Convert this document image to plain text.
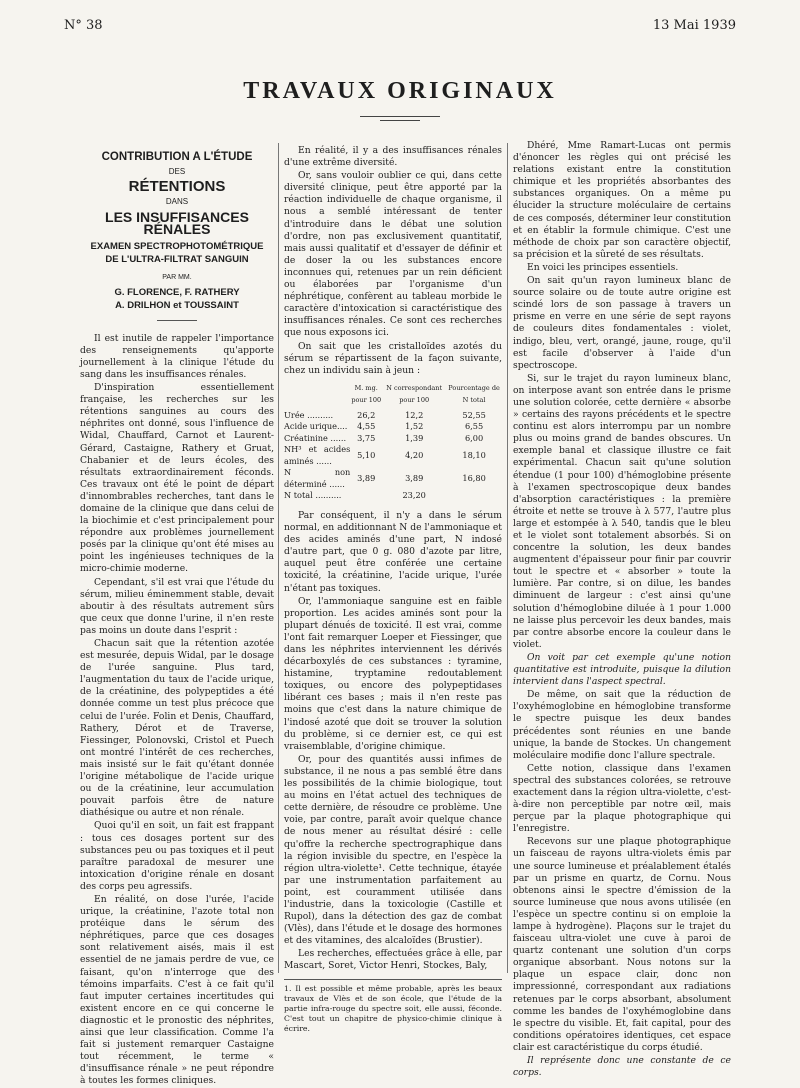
N° 38	13 Mai 1939
TRAVAUX ORIGINAUX
CONTRIBUTION A L'ÉTUDE
DES
RÉTENTIONS
DANS
LES INSUFFISANCES RÉNALES
EXAMEN SPECTROPHOTOMÉTRIQUE
DE L'ULTRA-FILTRAT SANGUIN
PAR MM.
G. FLORENCE, F. RATHERY
A. DRILHON et TOUSSAINT

Il est inutile de rappeler l'importance des renseignements qu'apporte journellement à la clinique l'étude du sang dans les insuffisances rénales.

D'inspiration essentiellement française, les recherches sur les rétentions sanguines au cours des néphrites ont donné, sous l'influence de Widal, Chauffard, Carnot et Laurent-Gérard, Castaigne, Rathery et Gruat, Chabanier et de leurs écoles, des résultats extraordinairement féconds. Ces travaux ont été le point de départ d'innombrables recherches, tant dans le domaine de la clinique que dans celui de la biochimie et c'est principalement pour répondre aux problèmes journellement posés par la clinique qu'ont été mises au point les ingénieuses techniques de la micro-chimie moderne.

Cependant, s'il est vrai que l'étude du sérum, milieu éminemment stable, devait aboutir à des résultats autrement sûrs que ceux que donne l'urine, il n'en reste pas moins un doute dans l'esprit :

Chacun sait que la rétention azotée est mesurée, depuis Widal, par le dosage de l'urée sanguine. Plus tard, l'augmentation du taux de l'acide urique, de la créatinine, des polypeptides a été donnée comme un test plus précoce que celui de l'urée. Folin et Denis, Chauffard, Rathery, Dérot et de Traverse, Fiessinger, Polonovski, Cristol et Puech ont montré l'intérêt de ces recherches, mais insisté sur le fait qu'étant donnée l'origine métabolique de l'acide urique ou de la créatinine, leur accumulation pouvait parfois être de nature diathésique ou autre et non rénale.

Quoi qu'il en soit, un fait est frappant : tous ces dosages portent sur des substances peu ou pas toxiques et il peut paraître paradoxal de mesurer une intoxication d'origine rénale en dosant des corps peu agressifs.

En réalité, on dose l'urée, l'acide urique, la créatinine, l'azote total non protéique dans le sérum des néphrétiques, parce que ces dosages sont relativement aisés, mais il est essentiel de ne jamais perdre de vue, ce faisant, qu'on n'interroge que des témoins imparfaits. C'est à ce fait qu'il faut imputer certaines incertitudes qui existent encore en ce qui concerne le diagnostic et le pronostic des néphrites, ainsi que leur classification. Comme l'a fait si justement remarquer Castaigne tout récemment, le terme « d'insuffisance rénale » ne peut répondre à toutes les formes cliniques.

En réalité, il y a des insuffisances rénales d'une extrême diversité.

Or, sans vouloir oublier ce qui, dans cette diversité clinique, peut être apporté par la réaction individuelle de chaque organisme, il nous a semblé intéressant de tenter d'introduire dans le débat une solution d'ordre, non pas exclusivement quantitatif, mais aussi qualitatif et d'essayer de définir et de doser la ou les substances encore inconnues qui, retenues par un rein déficient ou élaborées par l'organisme d'un néphrétique, confèrent au tableau morbide le caractère d'intoxication si caractéristique des insuffisances rénales. Ce sont ces recherches que nous exposons ici.

On sait que les cristalloïdes azotés du sérum se répartissent de la façon suivante, chez un individu sain à jeun :

	M. mg. pour 100	N correspondant pour 100	Pourcentage de N total
Urée ..........	26,2	12,2	52,55
Acide urique....	4,55	1,52	6,55
Créatinine ......	3,75	1,39	6,00
NH³ et acides aminés ......	5,10	4,20	18,10
N non déterminé ......	3,89	3,89	16,80
N total ..........		23,20	

Par conséquent, il n'y a dans le sérum normal, en additionnant N de l'ammoniaque et des acides aminés d'une part, N indosé d'autre part, que 0 g. 080 d'azote par litre, auquel peut être conférée une certaine toxicité, la créatinine, l'acide urique, l'urée n'étant pas toxiques.

Or, l'ammoniaque sanguine est en faible proportion. Les acides aminés sont pour la plupart dénués de toxicité. Il est vrai, comme l'ont fait remarquer Loeper et Fiessinger, que dans les néphrites interviennent les dérivés décarboxylés de ces substances : tyramine, histamine, tryptamine redoutablement toxiques, ou encore des polypeptidases libérant ces bases ; mais il n'en reste pas moins que c'est dans la nature chimique de l'indosé azoté que doit se trouver la solution du problème, si ce dernier est, ce qui est vraisemblable, d'origine chimique.

Or, pour des quantités aussi infimes de substance, il ne nous a pas semblé être dans les possibilités de la chimie biologique, tout au moins en l'état actuel des techniques de cette dernière, de résoudre ce problème. Une voie, par contre, paraît avoir quelque chance de nous mener au résultat désiré : celle qu'offre la recherche spectrographique dans la région invisible du spectre, en l'espèce la région ultra-violette¹. Cette technique, étayée par une instrumentation parfaitement au point, est couramment utilisée dans l'industrie, dans la toxicologie (Castille et Rupol), dans la détection des gaz de combat (Vlès), dans l'étude et le dosage des hormones et des vitamines, des alcaloïdes (Brustier).

Les recherches, effectuées grâce à elle, par Mascart, Soret, Victor Henri, Stockes, Baly,

1. Il est possible et même probable, après les beaux travaux de Vlès et de son école, que l'étude de la partie infra-rouge du spectre soit, elle aussi, féconde. C'est tout un chapitre de physico-chimie clinique à écrire.

Dhéré, Mme Ramart-Lucas ont permis d'énoncer les règles qui ont précisé les relations existant entre la constitution chimique et les propriétés absorbantes des substances organiques. On a même pu élucider la structure moléculaire de certains de ces composés, déterminer leur constitution et en établir la formule chimique. C'est une méthode de choix par son caractère objectif, sa précision et la sûreté de ses résultats.

En voici les principes essentiels.

On sait qu'un rayon lumineux blanc de source solaire ou de toute autre origine est scindé lors de son passage à travers un prisme en verre en une série de sept rayons de couleurs dites fondamentales : violet, indigo, bleu, vert, orangé, jaune, rouge, qu'il est facile d'observer à l'aide d'un spectroscope.

Si, sur le trajet du rayon lumineux blanc, on interpose avant son entrée dans le prisme une solution colorée, cette dernière « absorbe » certains des rayons précédents et le spectre continu est alors interrompu par un nombre plus ou moins grand de bandes obscures. Un exemple banal et classique illustre ce fait expérimental. Chacun sait qu'une solution étendue (1 pour 100) d'hémoglobine présente à l'examen spectroscopique deux bandes d'absorption caractéristiques : la première étroite et nette se trouve à λ 577, l'autre plus large et estompée à λ 540, tandis que le bleu et le violet sont totalement absorbés. Si on concentre la solution, les deux bandes augmentent d'épaisseur pour finir par couvrir tout le spectre et « absorber » toute la lumière. Par contre, si on dilue, les bandes diminuent de largeur : c'est ainsi qu'une solution d'hémoglobine diluée à 1 pour 1.000 ne laisse plus percevoir les deux bandes, mais par contre absorbe encore la couleur dans le violet.

On voit par cet exemple qu'une notion quantitative est introduite, puisque la dilution intervient dans l'aspect spectral.

De même, on sait que la réduction de l'oxyhémoglobine en hémoglobine transforme le spectre puisque les deux bandes précédentes sont réunies en une bande unique, la bande de Stockes. Un changement moléculaire modifie donc l'allure spectrale.

Cette notion, classique dans l'examen spectral des substances colorées, se retrouve exactement dans la région ultra-violette, c'est-à-dire non perceptible par notre œil, mais perçue par la plaque photographique qui l'enregistre.

Recevons sur une plaque photographique un faisceau de rayons ultra-violets émis par une source lumineuse et préalablement étalés par un prisme en quartz, de Cornu. Nous obtenons ainsi le spectre d'émission de la source lumineuse que nous avons utilisée (en l'espèce un spectre continu si on emploie la lampe à hydrogène). Plaçons sur le trajet du faisceau ultra-violet une cuve à paroi de quartz contenant une solution d'un corps organique absorbant. Nous notons sur la plaque un espace clair, donc non impressionné, correspondant aux radiations retenues par le corps absorbant, absolument comme les bandes de l'oxyhémoglobine dans le spectre du visible. Et, fait capital, pour des conditions opératoires identiques, cet espace clair est caractéristique du corps étudié.

Il représente donc une constante de ce corps.
